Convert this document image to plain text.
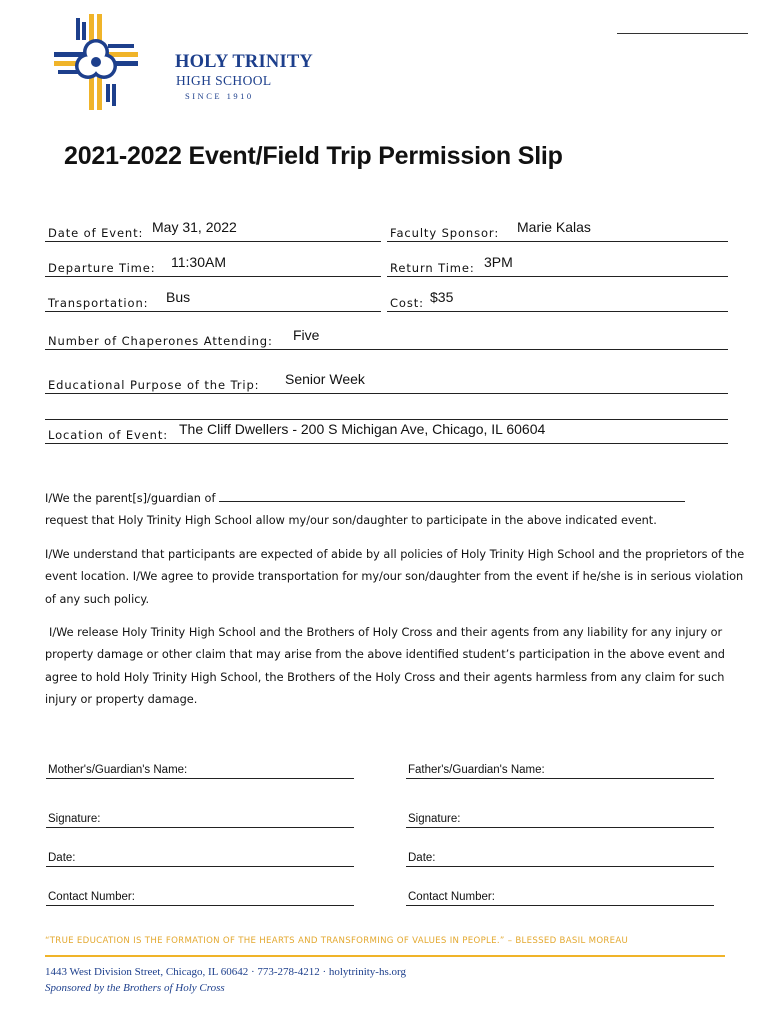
HOLY TRINITY
HIGH SCHOOL
SINCE 1910
2021-2022 Event/Field Trip Permission Slip
Date of Event: May 31, 2022	Faculty Sponsor: Marie Kalas
Departure Time: 11:30AM	Return Time: 3PM
Transportation: Bus	Cost: $35
Number of Chaperones Attending: Five
Educational Purpose of the Trip: Senior Week
Location of Event: The Cliff Dwellers - 200 S Michigan Ave, Chicago, IL 60604
I/We the parent[s]/guardian of
request that Holy Trinity High School allow my/our son/daughter to participate in the above indicated event.
I/We understand that participants are expected of abide by all policies of Holy Trinity High School and the proprietors of the event location. I/We agree to provide transportation for my/our son/daughter from the event if he/she is in serious violation of any such policy.
I/We release Holy Trinity High School and the Brothers of Holy Cross and their agents from any liability for any injury or property damage or other claim that may arise from the above identified student’s participation in the above event and agree to hold Holy Trinity High School, the Brothers of the Holy Cross and their agents harmless from any claim for such injury or property damage.
Mother's/Guardian's Name:	Father's/Guardian's Name:
Signature:	Signature:
Date:	Date:
Contact Number:	Contact Number:
“TRUE EDUCATION IS THE FORMATION OF THE HEARTS AND TRANSFORMING OF VALUES IN PEOPLE.” – BLESSED BASIL MOREAU
1443 West Division Street, Chicago, IL 60642 · 773-278-4212 · holytrinity-hs.org
Sponsored by the Brothers of Holy Cross
